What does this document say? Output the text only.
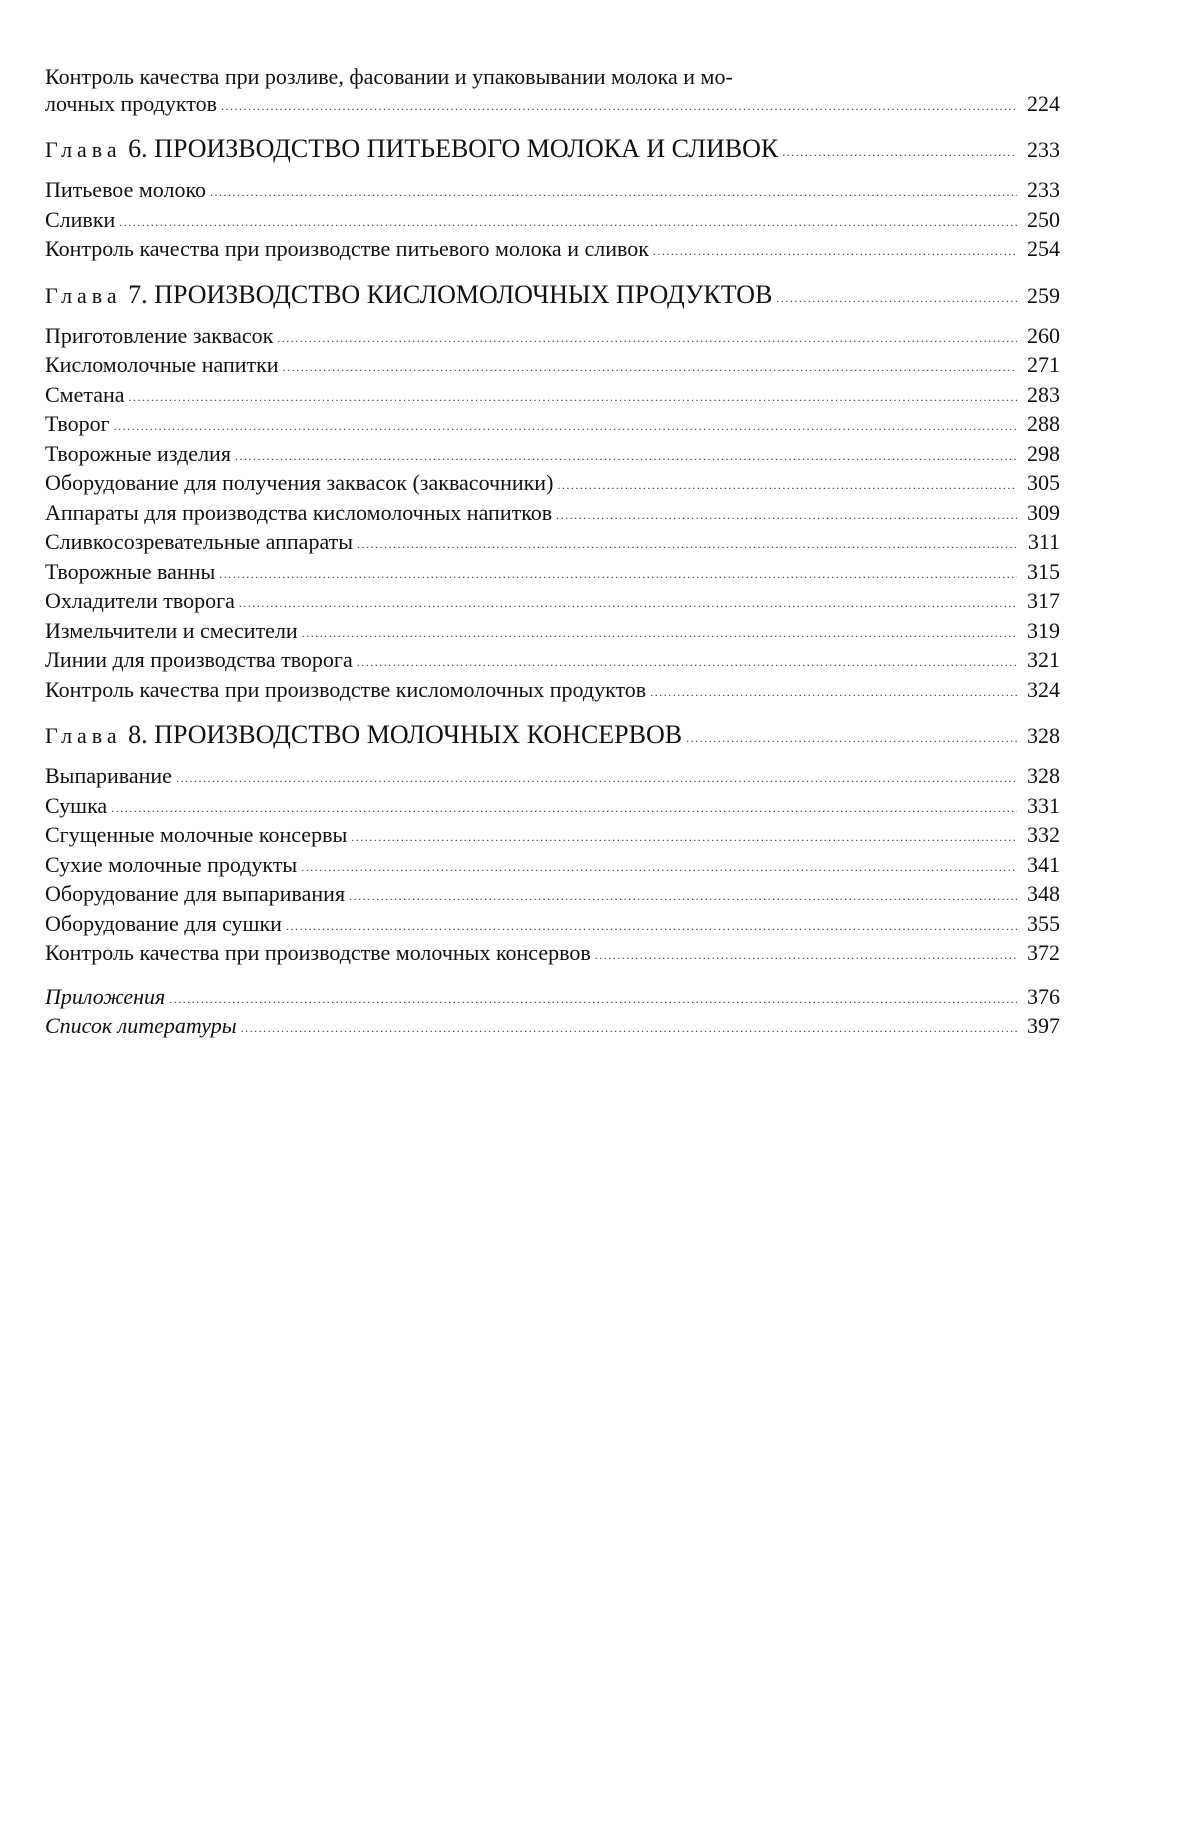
Контроль качества при розливе, фасовании и упаковывании молока и мо-
лочных продуктов .....	224
Глава 6. ПРОИЗВОДСТВО ПИТЬЕВОГО МОЛОКА И СЛИВОК .....	233
Питьевое молоко .....	233
Сливки .....	250
Контроль качества при производстве питьевого молока и сливок .....	254
Глава 7. ПРОИЗВОДСТВО КИСЛОМОЛОЧНЫХ ПРОДУКТОВ .....	259
Приготовление заквасок .....	260
Кисломолочные напитки .....	271
Сметана .....	283
Творог .....	288
Творожные изделия .....	298
Оборудование для получения заквасок (заквасочники) .....	305
Аппараты для производства кисломолочных напитков .....	309
Сливкосозревательные аппараты .....	311
Творожные ванны .....	315
Охладители творога .....	317
Измельчители и смесители .....	319
Линии для производства творога .....	321
Контроль качества при производстве кисломолочных продуктов .....	324
Глава 8. ПРОИЗВОДСТВО МОЛОЧНЫХ КОНСЕРВОВ .....	328
Выпаривание .....	328
Сушка .....	331
Сгущенные молочные консервы .....	332
Сухие молочные продукты .....	341
Оборудование для выпаривания .....	348
Оборудование для сушки .....	355
Контроль качества при производстве молочных консервов .....	372
Приложения .....	376
Список литературы .....	397
